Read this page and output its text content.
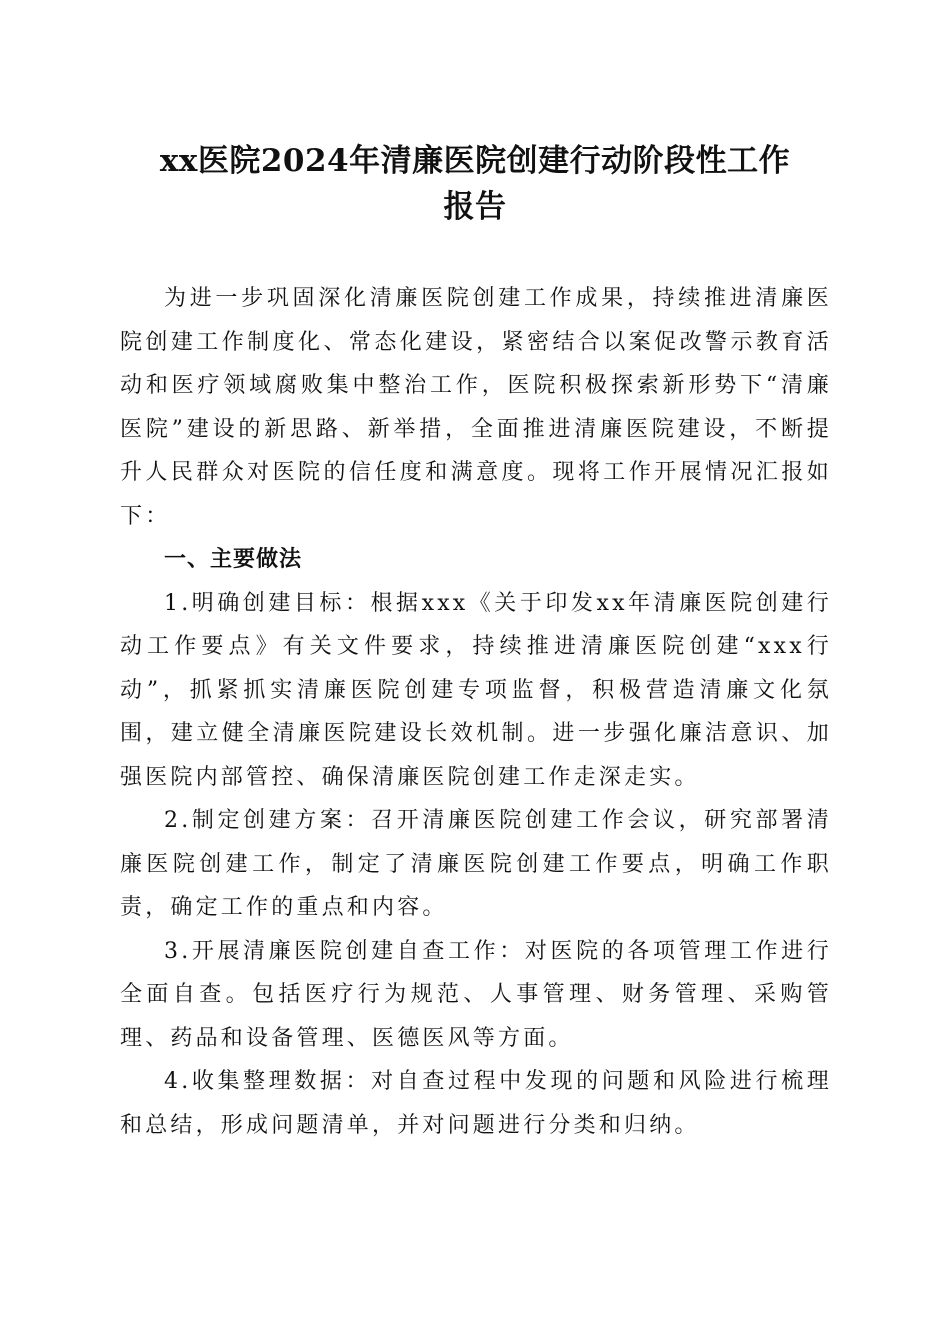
xx医院2024年清廉医院创建行动阶段性工作
报告

为进一步巩固深化清廉医院创建工作成果，持续推进清廉医院创建工作制度化、常态化建设，紧密结合以案促改警示教育活动和医疗领域腐败集中整治工作，医院积极探索新形势下“清廉医院”建设的新思路、新举措，全面推进清廉医院建设，不断提升人民群众对医院的信任度和满意度。现将工作开展情况汇报如下：

一、主要做法

1.明确创建目标：根据xxx《关于印发xx年清廉医院创建行动工作要点》有关文件要求，持续推进清廉医院创建“xxx行动”，抓紧抓实清廉医院创建专项监督，积极营造清廉文化氛围，建立健全清廉医院建设长效机制。进一步强化廉洁意识、加强医院内部管控、确保清廉医院创建工作走深走实。

2.制定创建方案：召开清廉医院创建工作会议，研究部署清廉医院创建工作，制定了清廉医院创建工作要点，明确工作职责，确定工作的重点和内容。

3.开展清廉医院创建自查工作：对医院的各项管理工作进行全面自查。包括医疗行为规范、人事管理、财务管理、采购管理、药品和设备管理、医德医风等方面。

4.收集整理数据：对自查过程中发现的问题和风险进行梳理和总结，形成问题清单，并对问题进行分类和归纳。
